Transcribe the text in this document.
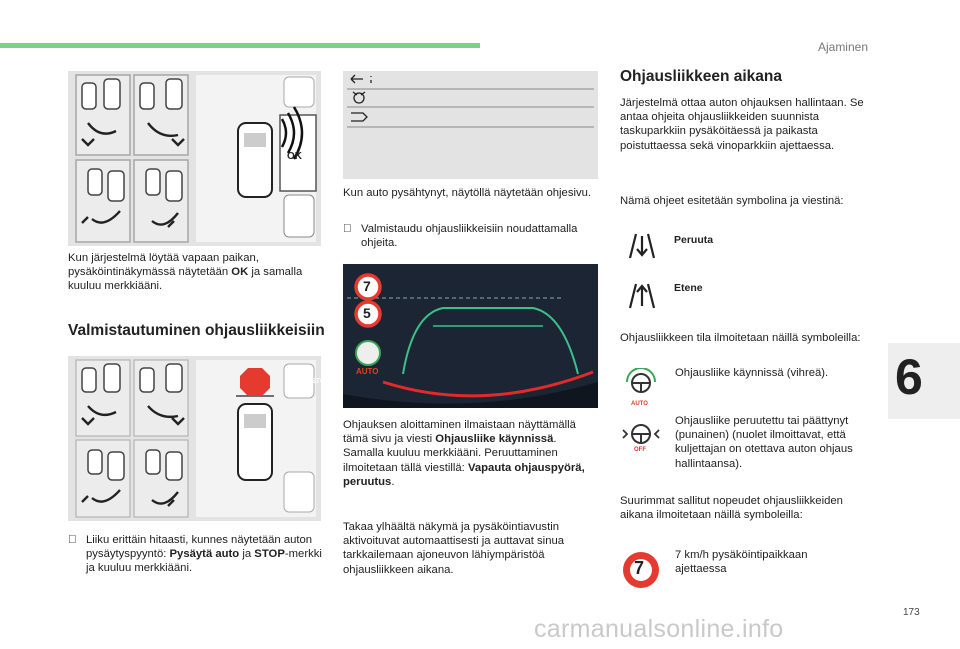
Ajaminen
OK
Kun järjestelmä löytää vapaan paikan, pysäköintinäkymässä näytetään OK ja samalla kuuluu merkkiääni.
Valmistautuminen ohjausliikkeisiin
STOP
Liiku erittäin hitaasti, kunnes näytetään auton pysäytyspyyntö: Pysäytä auto ja STOP-merkki ja kuuluu merkkiääni.
Kun auto pysähtynyt, näytöllä näytetään ohjesivu.
Valmistaudu ohjausliikkeisiin noudattamalla ohjeita.
7
5
AUTO
Ohjauksen aloittaminen ilmaistaan näyttämällä tämä sivu ja viesti Ohjausliike käynnissä. Samalla kuuluu merkkiääni. Peruuttaminen ilmoitetaan tällä viestillä: Vapauta ohjauspyörä, peruutus.
Takaa ylhäältä näkymä ja pysäköintiavustin aktivoituvat automaattisesti ja auttavat sinua tarkkailemaan ajoneuvon lähiympäristöä ohjausliikkeen aikana.
Ohjausliikkeen aikana
Järjestelmä ottaa auton ohjauksen hallintaan. Se antaa ohjeita ohjausliikkeiden suunnista taskuparkkiin pysäköitäessä ja paikasta poistuttaessa sekä vinoparkkiin ajettaessa.
Nämä ohjeet esitetään symbolina ja viestinä:
Peruuta
Etene
Ohjausliikkeen tila ilmoitetaan näillä symboleilla:
AUTO
Ohjausliike käynnissä (vihreä).
OFF
Ohjausliike peruutettu tai päättynyt (punainen) (nuolet ilmoittavat, että kuljettajan on otettava auton ohjaus hallintaansa).
Suurimmat sallitut nopeudet ohjausliikkeiden aikana ilmoitetaan näillä symboleilla:
7
7 km/h pysäköintipaikkaan ajettaessa
6
173
carmanualsonline.info
